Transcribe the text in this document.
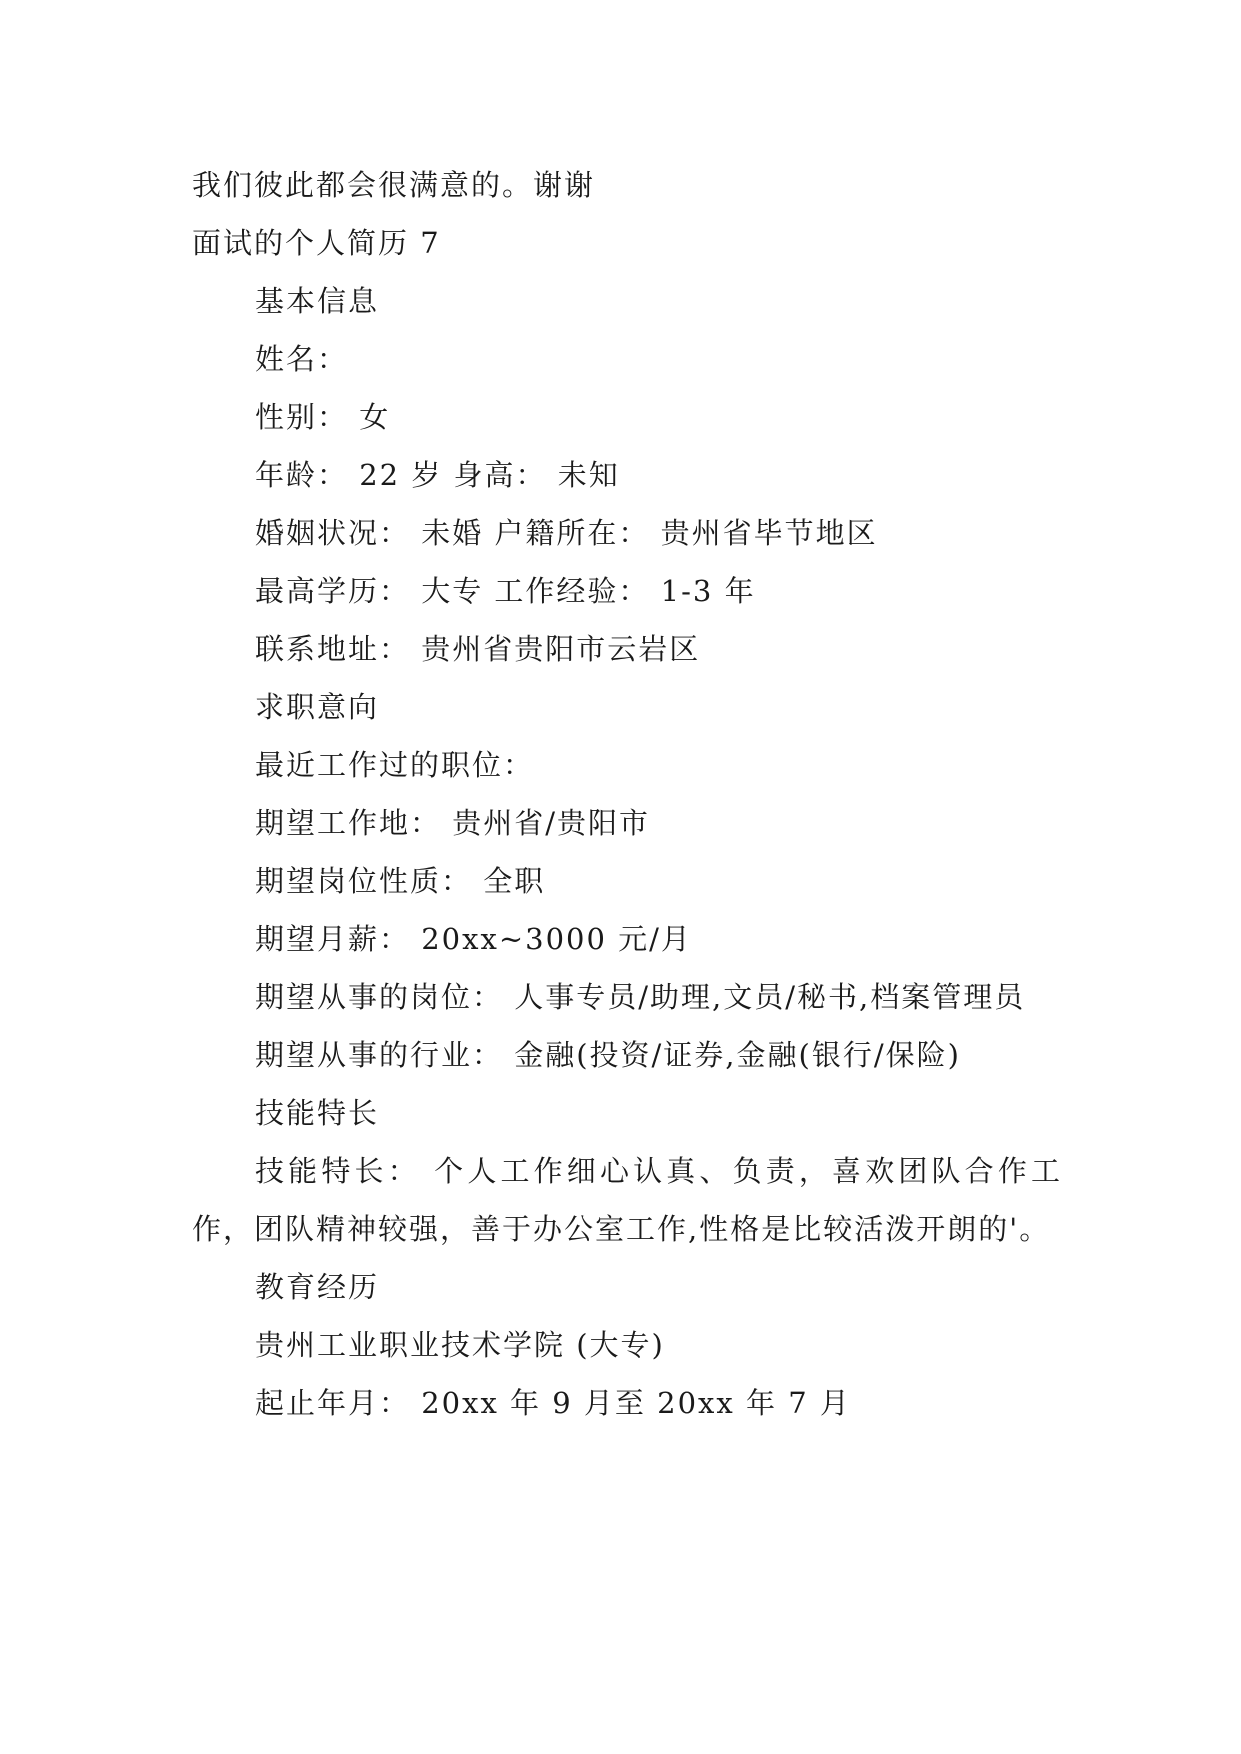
我们彼此都会很满意的。谢谢
面试的个人简历 7
基本信息
姓名：
性别： 女
年龄： 22 岁 身高： 未知
婚姻状况： 未婚 户籍所在： 贵州省毕节地区
最高学历： 大专 工作经验： 1-3 年
联系地址： 贵州省贵阳市云岩区
求职意向
最近工作过的职位：
期望工作地： 贵州省/贵阳市
期望岗位性质： 全职
期望月薪： 20xx~3000 元/月

期望从事的岗位： 人事专员/助理,文员/秘书,档案管理员

期望从事的行业： 金融(投资/证券,金融(银行/保险)
技能特长

技能特长： 个人工作细心认真、负责，喜欢团队合作工作，团队精神较强，善于办公室工作,性格是比较活泼开朗的'。

教育经历
贵州工业职业技术学院 (大专)
起止年月： 20xx 年 9 月至 20xx 年 7 月
